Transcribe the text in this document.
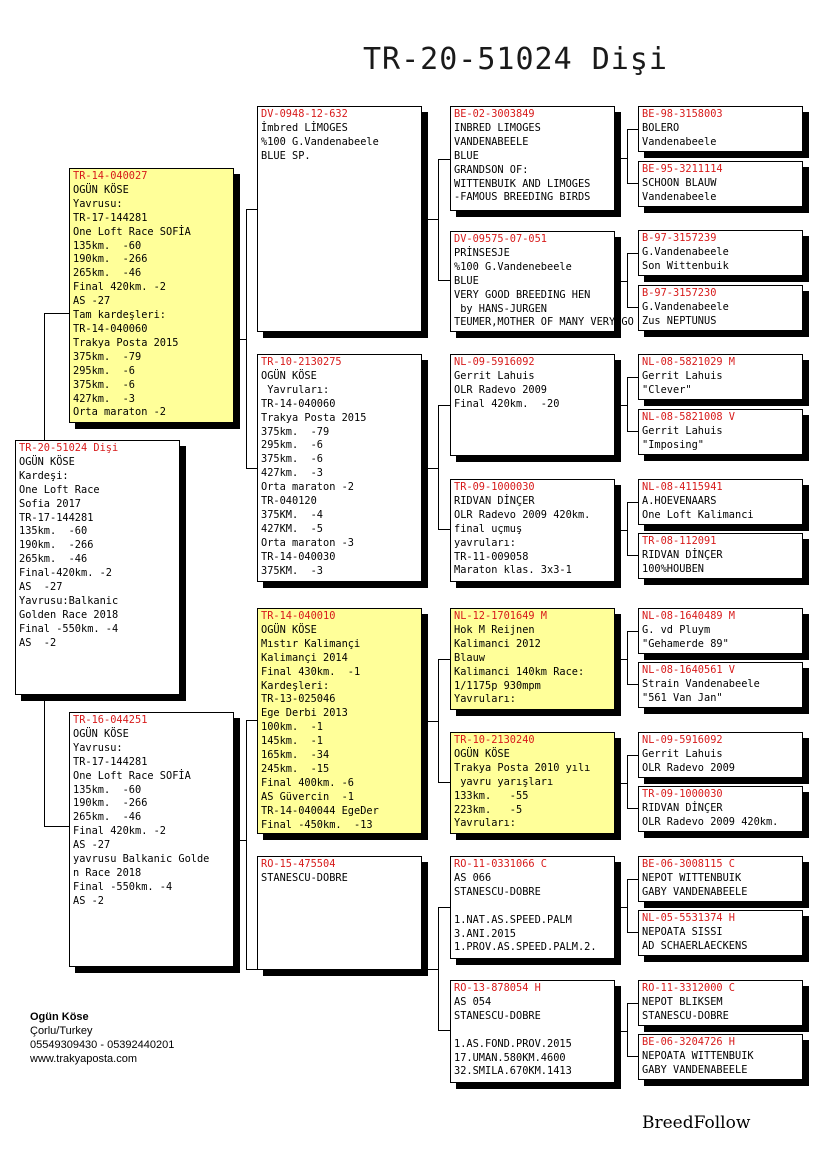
TR-20-51024 Dişi
TR-20-51024 Dişi
OGÜN KÖSE
Kardeşi:
One Loft Race
Sofia 2017
TR-17-144281
135km.  -60
190km.  -266
265km.  -46
Final-420km. -2
AS  -27
Yavrusu:Balkanic
Golden Race 2018
Final -550km. -4
AS  -2
TR-14-040027
OGÜN KÖSE
Yavrusu:
TR-17-144281
One Loft Race SOFİA
135km.  -60
190km.  -266
265km.  -46
Final 420km. -2
AS -27
Tam kardeşleri:
TR-14-040060
Trakya Posta 2015
375km.  -79
295km.  -6
375km.  -6
427km.  -3
Orta maraton -2
TR-16-044251
OGÜN KÖSE
Yavrusu:
TR-17-144281
One Loft Race SOFİA
135km.  -60
190km.  -266
265km.  -46
Final 420km. -2
AS -27
yavrusu Balkanic Golde
n Race 2018
Final -550km. -4
AS -2
DV-0948-12-632
İmbred LİMOGES
%100 G.Vandenabeele
BLUE SP.
TR-10-2130275
OGÜN KÖSE
Yavruları:
TR-14-040060
Trakya Posta 2015
375km.  -79
295km.  -6
375km.  -6
427km.  -3
Orta maraton -2
TR-040120
375KM.  -4
427KM.  -5
Orta maraton -3
TR-14-040030
375KM.  -3
TR-14-040010
OGÜN KÖSE
Mıstır Kalimançi
Kalimançi 2014
Final 430km.  -1
Kardeşleri:
TR-13-025046
Ege Derbi 2013
100km.  -1
145km.  -1
165km.  -34
245km.  -15
Final 400km. -6
AS Güvercin  -1
TR-14-040044 EgeDer
Final -450km.  -13
RO-15-475504
STANESCU-DOBRE
BE-02-3003849
INBRED LIMOGES
VANDENABEELE
BLUE
GRANDSON OF:
WITTENBUIK AND LIMOGES
-FAMOUS BREEDING BIRDS
DV-09575-07-051
PRİNSESJE
%100 G.Vandenebeele
BLUE
VERY GOOD BREEDING HEN
by HANS-JURGEN
TEUMER,MOTHER OF MANY VERY GO
NL-09-5916092
Gerrit Lahuis
OLR Radevo 2009
Final 420km.  -20
TR-09-1000030
RIDVAN DİNÇER
OLR Radevo 2009 420km.
final uçmuş
yavruları:
TR-11-009058
Maraton klas. 3x3-1
NL-12-1701649 M
Hok M Reijnen
Kalimanci 2012
Blauw
Kalimanci 140km Race:
1/1175p 930mpm
Yavruları:
TR-10-2130240
OGÜN KÖSE
Trakya Posta 2010 yılı
yavru yarışları
133km.   -55
223km.   -5
Yavruları:
RO-11-0331066 C
AS 066
STANESCU-DOBRE

1.NAT.AS.SPEED.PALM
3.ANI.2015
1.PROV.AS.SPEED.PALM.2.
RO-13-878054 H
AS 054
STANESCU-DOBRE

1.AS.FOND.PROV.2015
17.UMAN.580KM.4600
32.SMILA.670KM.1413
BE-98-3158003
BOLERO
Vandenabeele
BE-95-3211114
SCHOON BLAUW
Vandenabeele
B-97-3157239
G.Vandenabeele
Son Wittenbuik
B-97-3157230
G.Vandenabeele
Zus NEPTUNUS
NL-08-5821029 M
Gerrit Lahuis
"Clever"
NL-08-5821008 V
Gerrit Lahuis
"Imposing"
NL-08-4115941
A.HOEVENAARS
One Loft Kalimanci
TR-08-112091
RIDVAN DİNÇER
100%HOUBEN
NL-08-1640489 M
G. vd Pluym
"Gehamerde 89"
NL-08-1640561 V
Strain Vandenabeele
"561 Van Jan"
NL-09-5916092
Gerrit Lahuis
OLR Radevo 2009
TR-09-1000030
RIDVAN DİNÇER
OLR Radevo 2009 420km.
BE-06-3008115 C
NEPOT WITTENBUIK
GABY VANDENABEELE
NL-05-5531374 H
NEPOATA SISSI
AD SCHAERLAECKENS
RO-11-3312000 C
NEPOT BLIKSEM
STANESCU-DOBRE
BE-06-3204726 H
NEPOATA WITTENBUIK
GABY VANDENABEELE
Ogün Köse
Çorlu/Turkey
05549309430 - 05392440201
www.trakyaposta.com
BreedFollow
